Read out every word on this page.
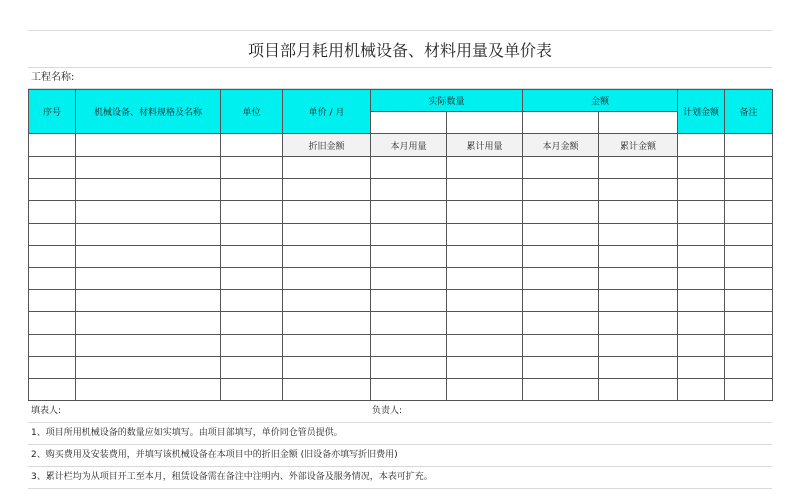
项目部月耗用机械设备、材料用量及单价表
工程名称:
序号	机械设备、材料规格及名称	单位	单价 / 月	实际数量		金额		计划金额	备注

			折旧金额	本月用量	累计用量	本月金额	累计金额		

填表人:	负责人:
1、项目所用机械设备的数量应如实填写。由项目部填写，单价同仓管员提供。
2、购买费用及安装费用，并填写该机械设备在本项目中的折旧金额 (旧设备亦填写折旧费用)
3、累计栏均为从项目开工至本月，租赁设备需在备注中注明内、外部设备及服务情况，本表可扩充。
